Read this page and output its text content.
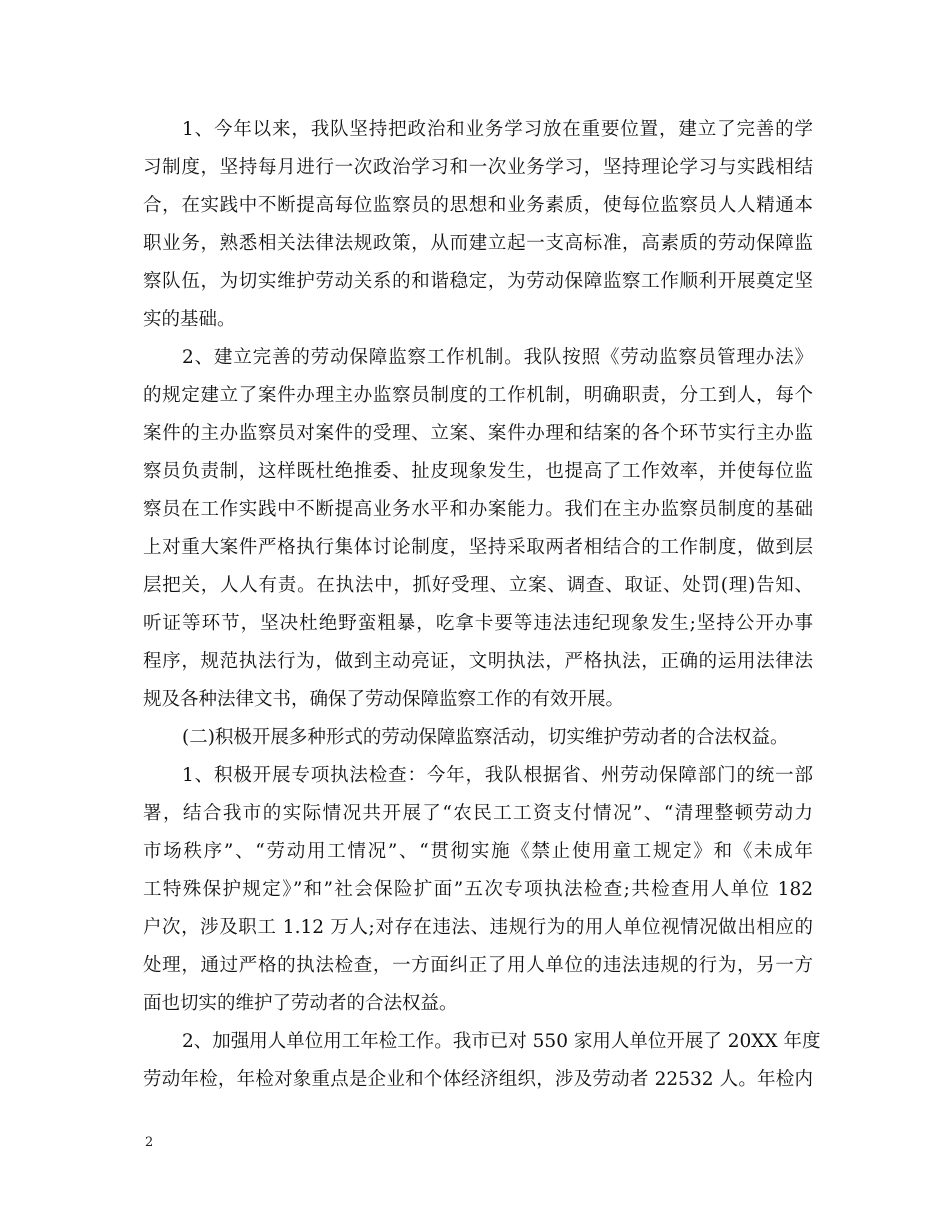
1、今年以来，我队坚持把政治和业务学习放在重要位置，建立了完善的学
习制度，坚持每月进行一次政治学习和一次业务学习，坚持理论学习与实践相结
合，在实践中不断提高每位监察员的思想和业务素质，使每位监察员人人精通本
职业务，熟悉相关法律法规政策，从而建立起一支高标准，高素质的劳动保障监
察队伍，为切实维护劳动关系的和谐稳定，为劳动保障监察工作顺利开展奠定坚
实的基础。
2、建立完善的劳动保障监察工作机制。我队按照《劳动监察员管理办法》
的规定建立了案件办理主办监察员制度的工作机制，明确职责，分工到人，每个
案件的主办监察员对案件的受理、立案、案件办理和结案的各个环节实行主办监
察员负责制，这样既杜绝推委、扯皮现象发生，也提高了工作效率，并使每位监
察员在工作实践中不断提高业务水平和办案能力。我们在主办监察员制度的基础
上对重大案件严格执行集体讨论制度，坚持采取两者相结合的工作制度，做到层
层把关，人人有责。在执法中，抓好受理、立案、调查、取证、处罚(理)告知、
听证等环节，坚决杜绝野蛮粗暴，吃拿卡要等违法违纪现象发生;坚持公开办事
程序，规范执法行为，做到主动亮证，文明执法，严格执法，正确的运用法律法
规及各种法律文书，确保了劳动保障监察工作的有效开展。
(二)积极开展多种形式的劳动保障监察活动，切实维护劳动者的合法权益。
1、积极开展专项执法检查：今年，我队根据省、州劳动保障部门的统一部
署，结合我市的实际情况共开展了“农民工工资支付情况”、“清理整顿劳动力
市场秩序”、“劳动用工情况”、“贯彻实施《禁止使用童工规定》和《未成年
工特殊保护规定》”和”社会保险扩面”五次专项执法检查;共检查用人单位 182
户次，涉及职工 1.12 万人;对存在违法、违规行为的用人单位视情况做出相应的
处理，通过严格的执法检查，一方面纠正了用人单位的违法违规的行为，另一方
面也切实的维护了劳动者的合法权益。
2、加强用人单位用工年检工作。我市已对 550 家用人单位开展了 20XX 年度
劳动年检，年检对象重点是企业和个体经济组织，涉及劳动者 22532 人。年检内
2
